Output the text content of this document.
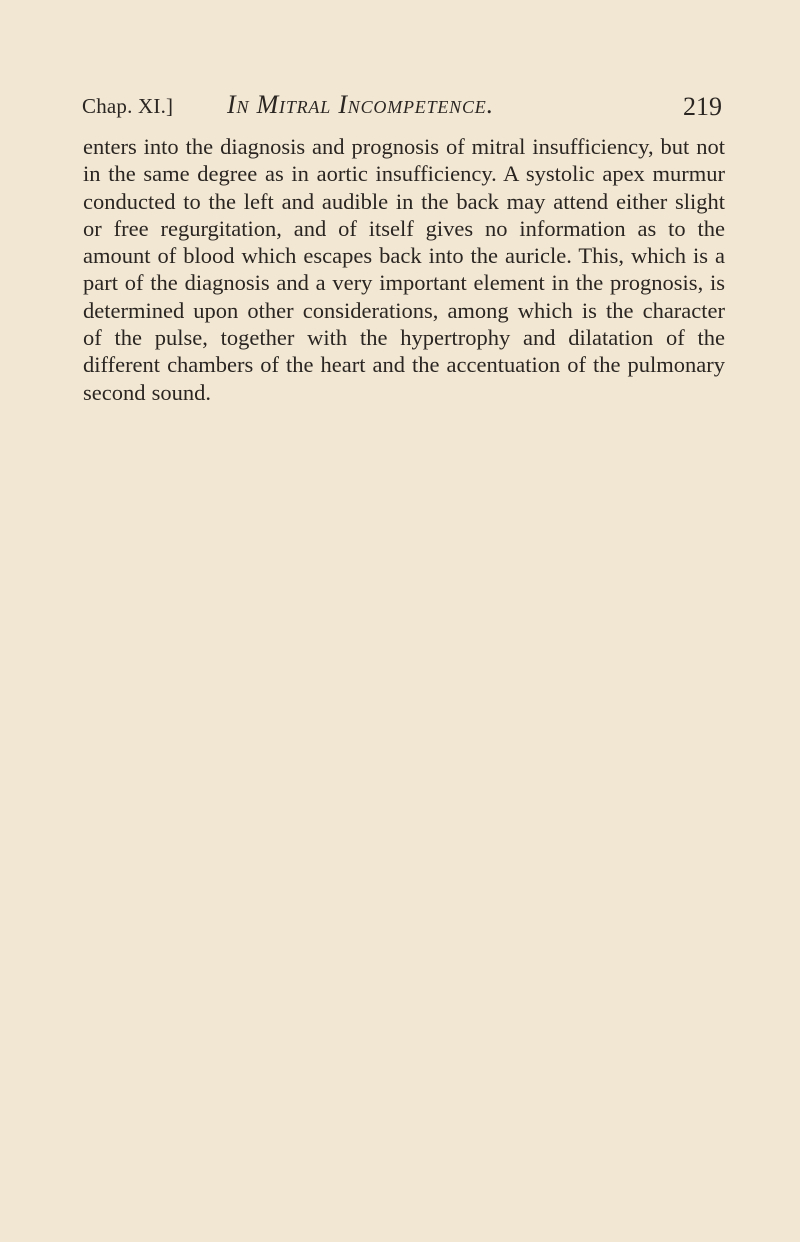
Chap. XI.] In Mitral Incompetence.	219

enters into the diagnosis and prognosis of mitral insufficiency, but not in the same degree as in aortic insufficiency. A systolic apex murmur conducted to the left and audible in the back may attend either slight or free regurgitation, and of itself gives no information as to the amount of blood which escapes back into the auricle. This, which is a part of the diagnosis and a very important element in the prognosis, is determined upon other considerations, among which is the character of the pulse, together with the hypertrophy and dilatation of the different chambers of the heart and the accentuation of the pulmonary second sound.
